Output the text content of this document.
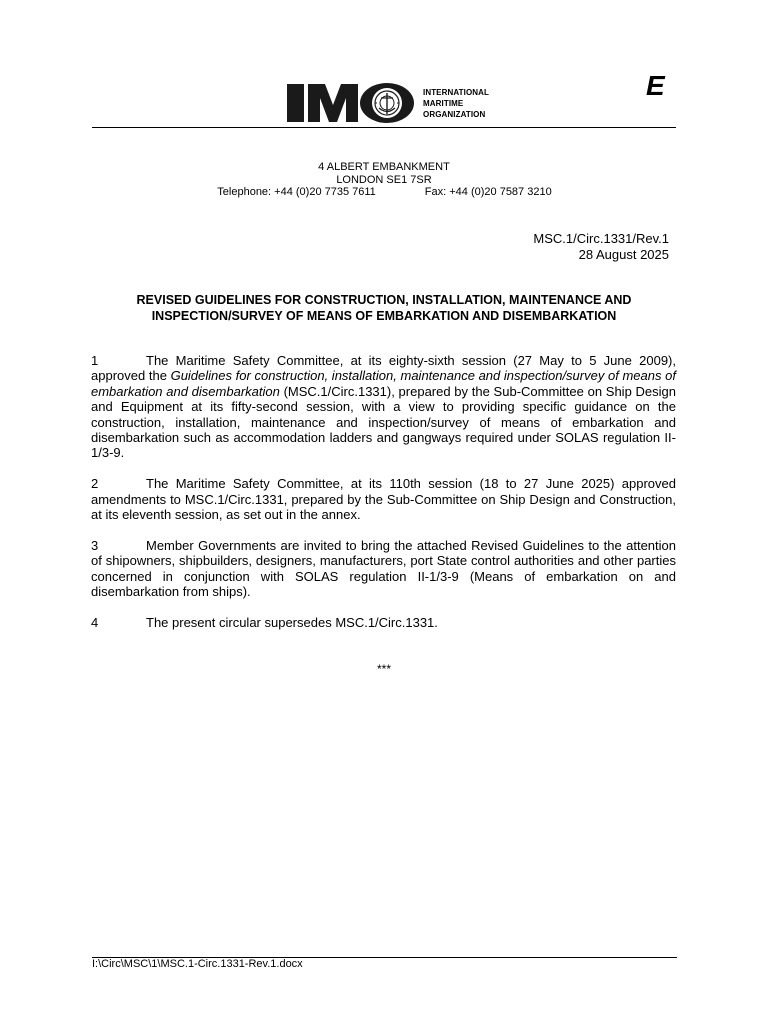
INTERNATIONAL
MARITIME
ORGANIZATION
E
4 ALBERT EMBANKMENT
LONDON SE1 7SR
Telephone: +44 (0)20 7735 7611	Fax: +44 (0)20 7587 3210
MSC.1/Circ.1331/Rev.1
28 August 2025
REVISED GUIDELINES FOR CONSTRUCTION, INSTALLATION, MAINTENANCE AND
INSPECTION/SURVEY OF MEANS OF EMBARKATION AND DISEMBARKATION

1	The Maritime Safety Committee, at its eighty-sixth session (27 May to 5 June 2009), approved the Guidelines for construction, installation, maintenance and inspection/survey of means of embarkation and disembarkation (MSC.1/Circ.1331), prepared by the Sub-Committee on Ship Design and Equipment at its fifty-second session, with a view to providing specific guidance on the construction, installation, maintenance and inspection/survey of means of embarkation and disembarkation such as accommodation ladders and gangways required under SOLAS regulation II-1/3-9.

2	The Maritime Safety Committee, at its 110th session (18 to 27 June 2025) approved amendments to MSC.1/Circ.1331, prepared by the Sub-Committee on Ship Design and Construction, at its eleventh session, as set out in the annex.

3	Member Governments are invited to bring the attached Revised Guidelines to the attention of shipowners, shipbuilders, designers, manufacturers, port State control authorities and other parties concerned in conjunction with SOLAS regulation II-1/3-9 (Means of embarkation on and disembarkation from ships).

4	The present circular supersedes MSC.1/Circ.1331.

***
I:\Circ\MSC\1\MSC.1-Circ.1331-Rev.1.docx
